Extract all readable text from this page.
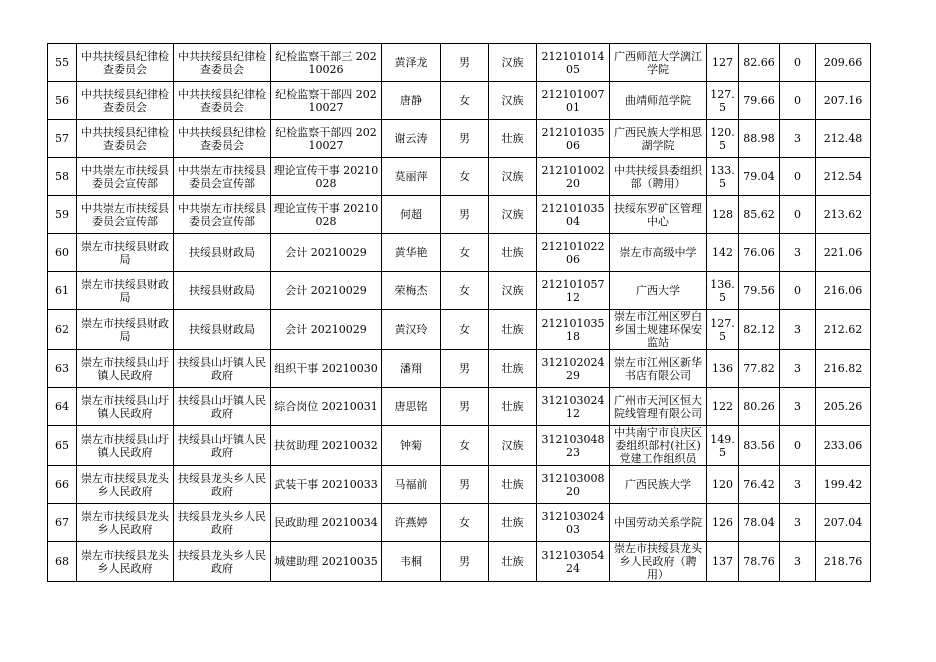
55	中共扶绥县纪律检查委员会	中共扶绥县纪律检查委员会	纪检监察干部三 20210026	黄泽龙	男	汉族	21210101405	广西师范大学漓江学院	127	82.66	0	209.66
56	中共扶绥县纪律检查委员会	中共扶绥县纪律检查委员会	纪检监察干部四 20210027	唐静	女	汉族	21210100701	曲靖师范学院	127.5	79.66	0	207.16
57	中共扶绥县纪律检查委员会	中共扶绥县纪律检查委员会	纪检监察干部四 20210027	谢云涛	男	壮族	21210103506	广西民族大学相思湖学院	120.5	88.98	3	212.48
58	中共崇左市扶绥县委员会宣传部	中共崇左市扶绥县委员会宣传部	理论宣传干事 20210028	莫丽萍	女	汉族	21210100220	中共扶绥县委组织部（聘用）	133.5	79.04	0	212.54
59	中共崇左市扶绥县委员会宣传部	中共崇左市扶绥县委员会宣传部	理论宣传干事 20210028	何超	男	汉族	21210103504	扶绥东罗矿区管理中心	128	85.62	0	213.62
60	崇左市扶绥县财政局	扶绥县财政局	会计 20210029	黄华艳	女	壮族	21210102206	崇左市高级中学	142	76.06	3	221.06
61	崇左市扶绥县财政局	扶绥县财政局	会计 20210029	荣梅杰	女	汉族	21210105712	广西大学	136.5	79.56	0	216.06
62	崇左市扶绥县财政局	扶绥县财政局	会计 20210029	黄汉玲	女	壮族	21210103518	崇左市江州区罗白乡国土规建环保安监站	127.5	82.12	3	212.62
63	崇左市扶绥县山圩镇人民政府	扶绥县山圩镇人民政府	组织干事 20210030	潘翔	男	壮族	31210202429	崇左市江州区新华书店有限公司	136	77.82	3	216.82
64	崇左市扶绥县山圩镇人民政府	扶绥县山圩镇人民政府	综合岗位 20210031	唐思铭	男	壮族	31210302412	广州市天河区恒大院线管理有限公司	122	80.26	3	205.26
65	崇左市扶绥县山圩镇人民政府	扶绥县山圩镇人民政府	扶贫助理 20210032	钟菊	女	汉族	31210304823	中共南宁市良庆区委组织部村(社区)党建工作组织员	149.5	83.56	0	233.06
66	崇左市扶绥县龙头乡人民政府	扶绥县龙头乡人民政府	武装干事 20210033	马福前	男	壮族	31210300820	广西民族大学	120	76.42	3	199.42
67	崇左市扶绥县龙头乡人民政府	扶绥县龙头乡人民政府	民政助理 20210034	许燕婷	女	壮族	31210302403	中国劳动关系学院	126	78.04	3	207.04
68	崇左市扶绥县龙头乡人民政府	扶绥县龙头乡人民政府	城建助理 20210035	韦桐	男	壮族	31210305424	崇左市扶绥县龙头乡人民政府（聘用）	137	78.76	3	218.76
